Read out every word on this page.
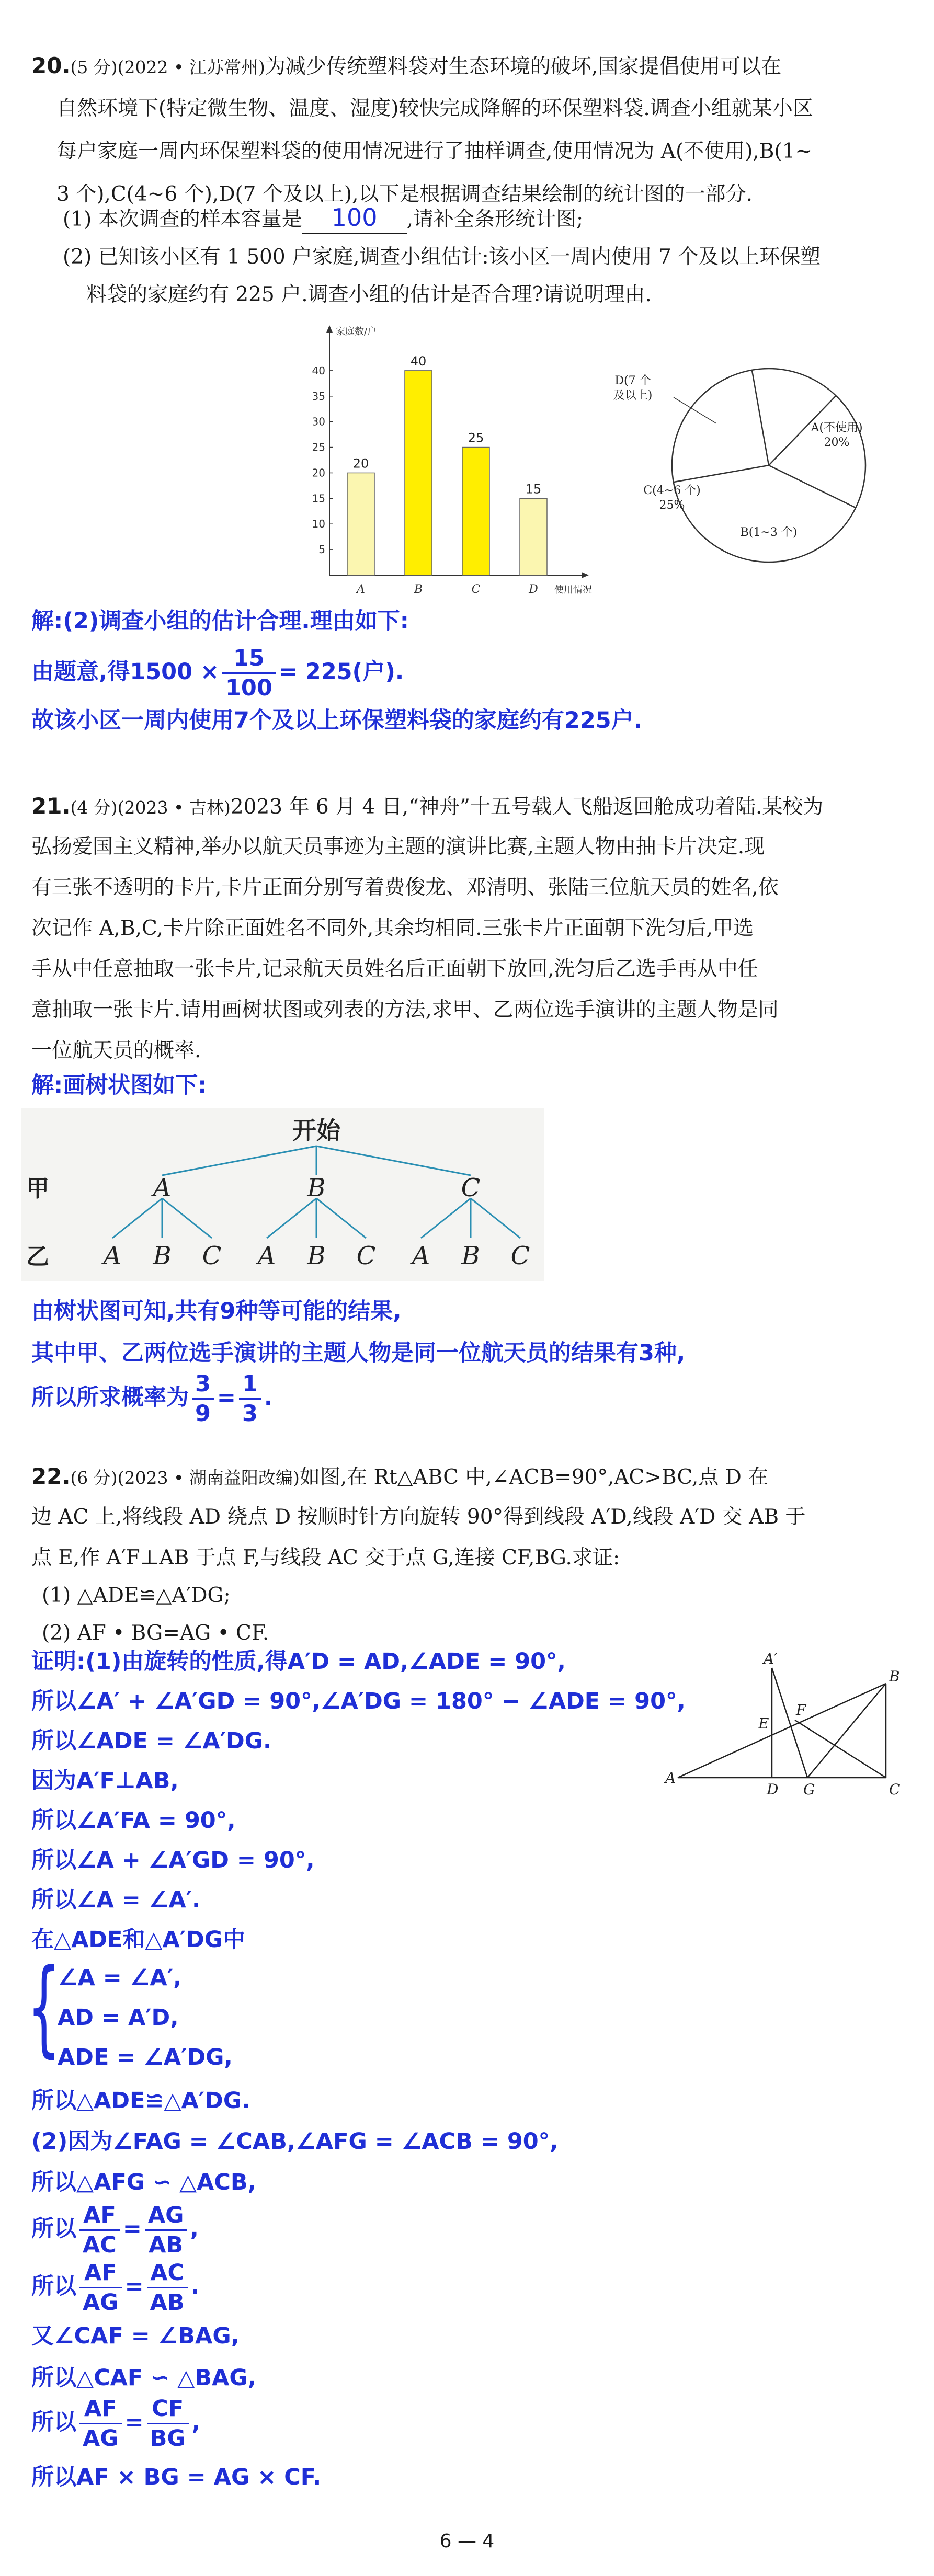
20.(5 分)(2022 • 江苏常州)为减少传统塑料袋对生态环境的破坏,国家提倡使用可以在

自然环境下(特定微生物、温度、湿度)较快完成降解的环保塑料袋.调查小组就某小区

每户家庭一周内环保塑料袋的使用情况进行了抽样调查,使用情况为 A(不使用),B(1~

3 个),C(4~6 个),D(7 个及以上),以下是根据调查结果绘制的统计图的一部分.

(1) 本次调查的样本容量是 100 ,请补全条形统计图;

(2) 已知该小区有 1 500 户家庭,调查小组估计:该小区一周内使用 7 个及以上环保塑

料袋的家庭约有 225 户.调查小组的估计是否合理?请说明理由.

5
10
15
20
25
30
35
40
家庭数/户
使用情况
20
A
40
B
25
C
15
D
A(不使用) 20%
B(1~3 个)
C(4~6 个) 25%
D(7 个及以上)

解:(2)调查小组的估计合理.理由如下:

由题意,得$1500 \times \frac{15}{100} = 225$(户).

故该小区一周内使用7个及以上环保塑料袋的家庭约有225户.

21.(4 分)(2023 • 吉林)2023 年 6 月 4 日,“神舟”十五号载人飞船返回舱成功着陆.某校为

弘扬爱国主义精神,举办以航天员事迹为主题的演讲比赛,主题人物由抽卡片决定.现

有三张不透明的卡片,卡片正面分别写着费俊龙、邓清明、张陆三位航天员的姓名,依

次记作 A,B,C,卡片除正面姓名不同外,其余均相同.三张卡片正面朝下洗匀后,甲选

手从中任意抽取一张卡片,记录航天员姓名后正面朝下放回,洗匀后乙选手再从中任

意抽取一张卡片.请用画树状图或列表的方法,求甲、乙两位选手演讲的主题人物是同

一位航天员的概率.

解:画树状图如下:

开始
甲
乙
A	B	C
A B C A B C A B C

由树状图可知,共有9种等可能的结果,

其中甲、乙两位选手演讲的主题人物是同一位航天员的结果有3种,

所以所求概率为 $\frac{3}{9} = \frac{1}{3}$ .

22.(6 分)(2023 • 湖南益阳改编)如图,在 Rt△ABC 中,∠ACB=90°,AC>BC,点 D 在

边 AC 上,将线段 AD 绕点 D 按顺时针方向旋转 90°得到线段 A′D,线段 A′D 交 AB 于

点 E,作 A′F⊥AB 于点 F,与线段 AC 交于点 G,连接 CF,BG.求证:

(1) △ADE≌△A′DG;

(2) AF • BG=AG • CF.

证明:(1)由旋转的性质,得A′D = AD,∠ADE = 90°,

所以∠A′ + ∠A′GD = 90°,∠A′DG = 180° − ∠ADE = 90°,

所以∠ADE = ∠A′DG.

因为A′F⊥AB,

所以∠A′FA = 90°,

所以∠A + ∠A′GD = 90°,

所以∠A = ∠A′.

在△ADE和△A′DG中

{

∠A = ∠A′,

AD = A′D,

ADE = ∠A′DG,

所以△ADE≌△A′DG.

(2)因为∠FAG = ∠CAB,∠AFG = ∠ACB = 90°,

所以△AFG ∽ △ACB,

所以 $\frac{AF}{AC} = \frac{AG}{AB}$ ,
所以 $\frac{AF}{AG} = \frac{AC}{AB}$ .

又∠CAF = ∠BAG,

所以△CAF ∽ △BAG,

所以 $\frac{AF}{AG} = \frac{CF}{BG}$ ,

所以AF × BG = AG × CF.

A′
B
E
F
A
D G	C

6 — 4
